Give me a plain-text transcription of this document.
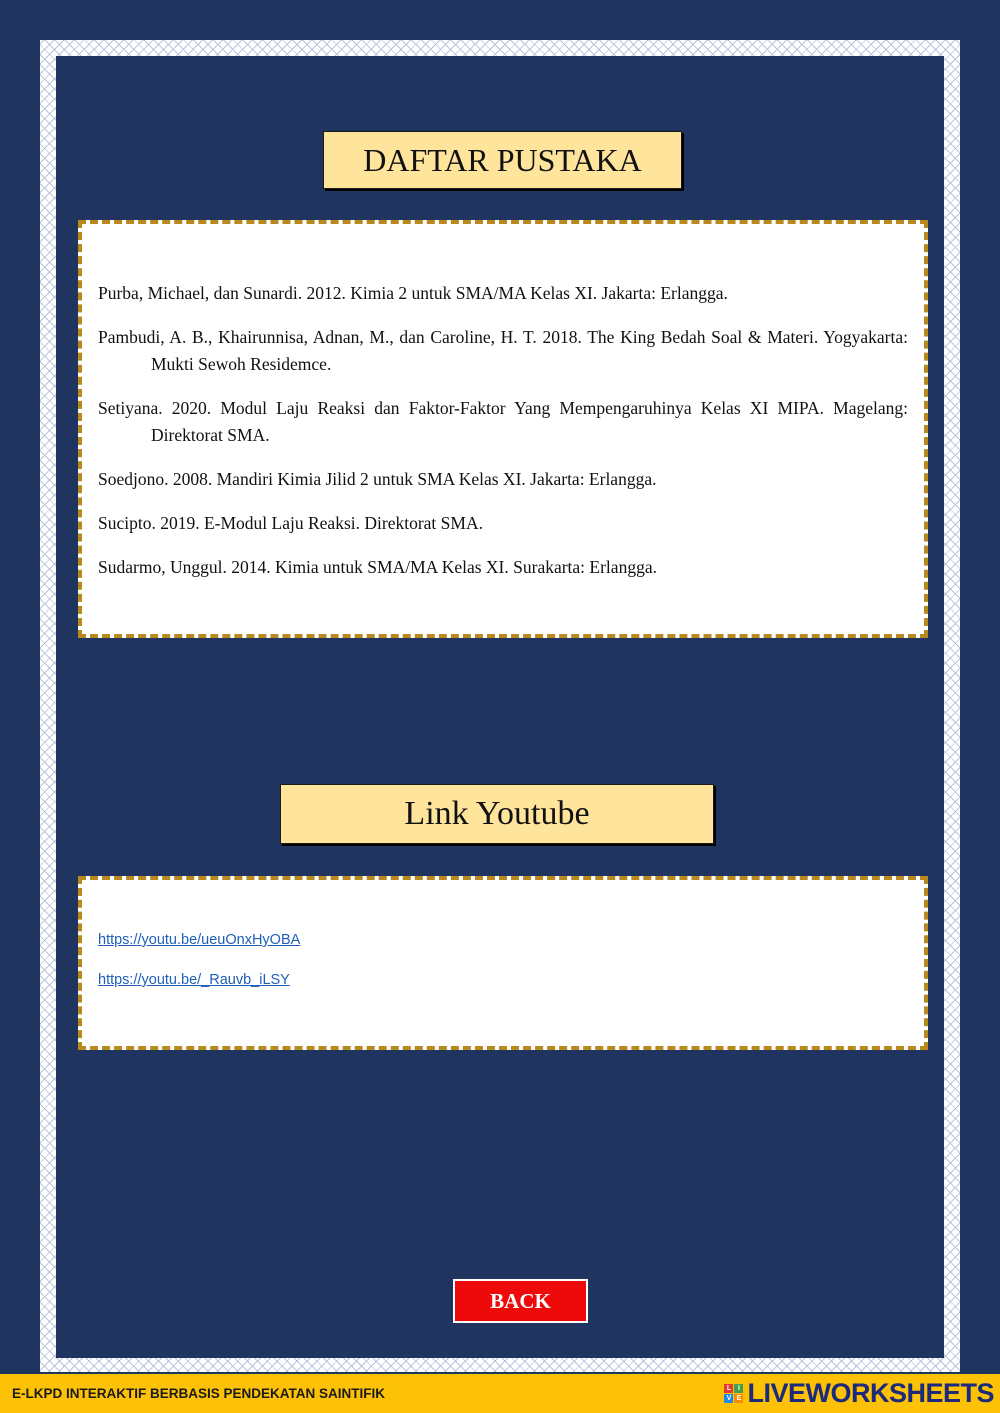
DAFTAR PUSTAKA

Purba, Michael, dan Sunardi. 2012. Kimia 2 untuk SMA/MA Kelas XI. Jakarta: Erlangga.

Pambudi, A. B., Khairunnisa, Adnan, M., dan Caroline, H. T. 2018. The King Bedah Soal & Materi. Yogyakarta: Mukti Sewoh Residemce.

Setiyana. 2020. Modul Laju Reaksi dan Faktor-Faktor Yang Mempengaruhinya Kelas XI MIPA. Magelang: Direktorat SMA.

Soedjono. 2008. Mandiri Kimia Jilid 2 untuk SMA Kelas XI. Jakarta: Erlangga.

Sucipto. 2019. E-Modul Laju Reaksi. Direktorat SMA.

Sudarmo, Unggul. 2014. Kimia untuk SMA/MA Kelas XI. Surakarta: Erlangga.

Link Youtube
https://youtu.be/ueuOnxHyOBA
https://youtu.be/_Rauvb_iLSY
BACK
E-LKPD INTERAKTIF BERBASIS PENDEKATAN SAINTIFIK	L I
V E LIVEWORKSHEETS
